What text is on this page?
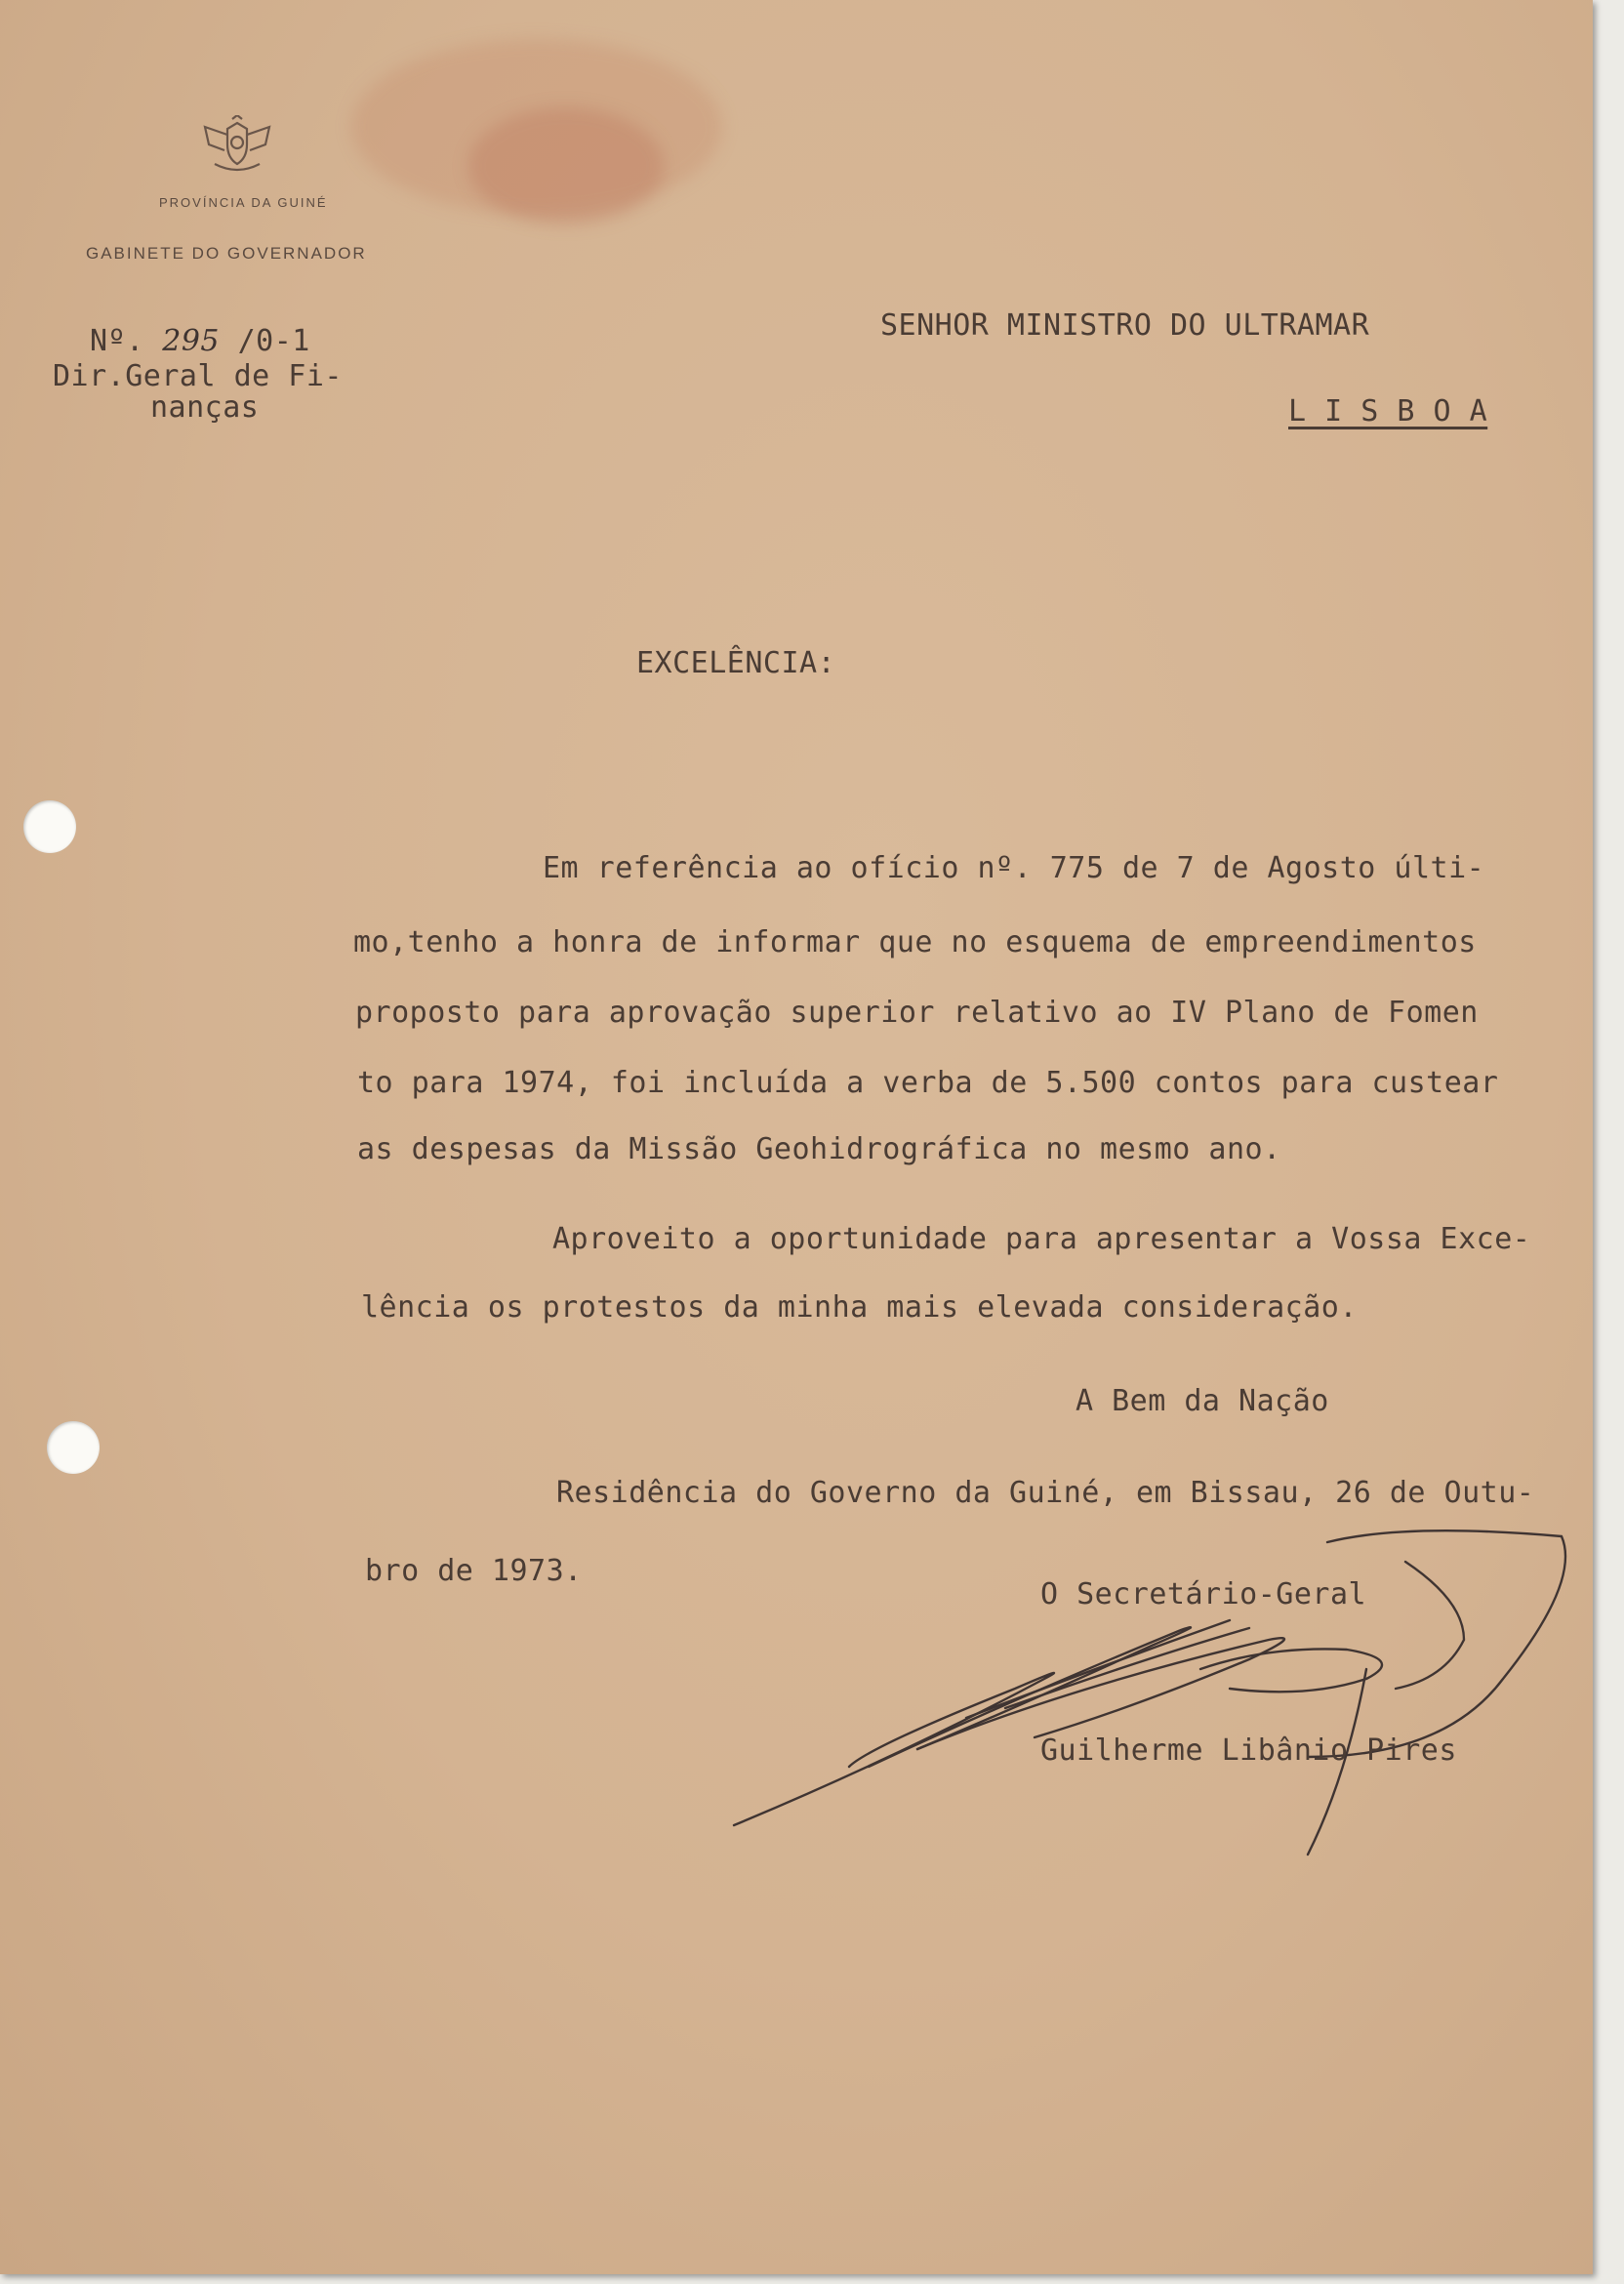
PROVÍNCIA DA GUINÉ
GABINETE DO GOVERNADOR
Nº. 295 /0-1
Dir.Geral de Fi-
nanças
SENHOR MINISTRO DO ULTRAMAR
L I S B O A
EXCELÊNCIA:
Em referência ao ofício nº. 775 de 7 de Agosto últi-
mo,tenho a honra de informar que no esquema de empreendimentos
proposto para aprovação superior relativo ao IV Plano de Fomen
to para 1974, foi incluída a verba de 5.500 contos para custear
as despesas da Missão Geohidrográfica no mesmo ano.
Aproveito a oportunidade para apresentar a Vossa Exce-
lência os protestos da minha mais elevada consideração.
A Bem da Nação
Residência do Governo da Guiné, em Bissau, 26 de Outu-
bro de 1973.
O Secretário-Geral
Guilherme Libânio Pires
